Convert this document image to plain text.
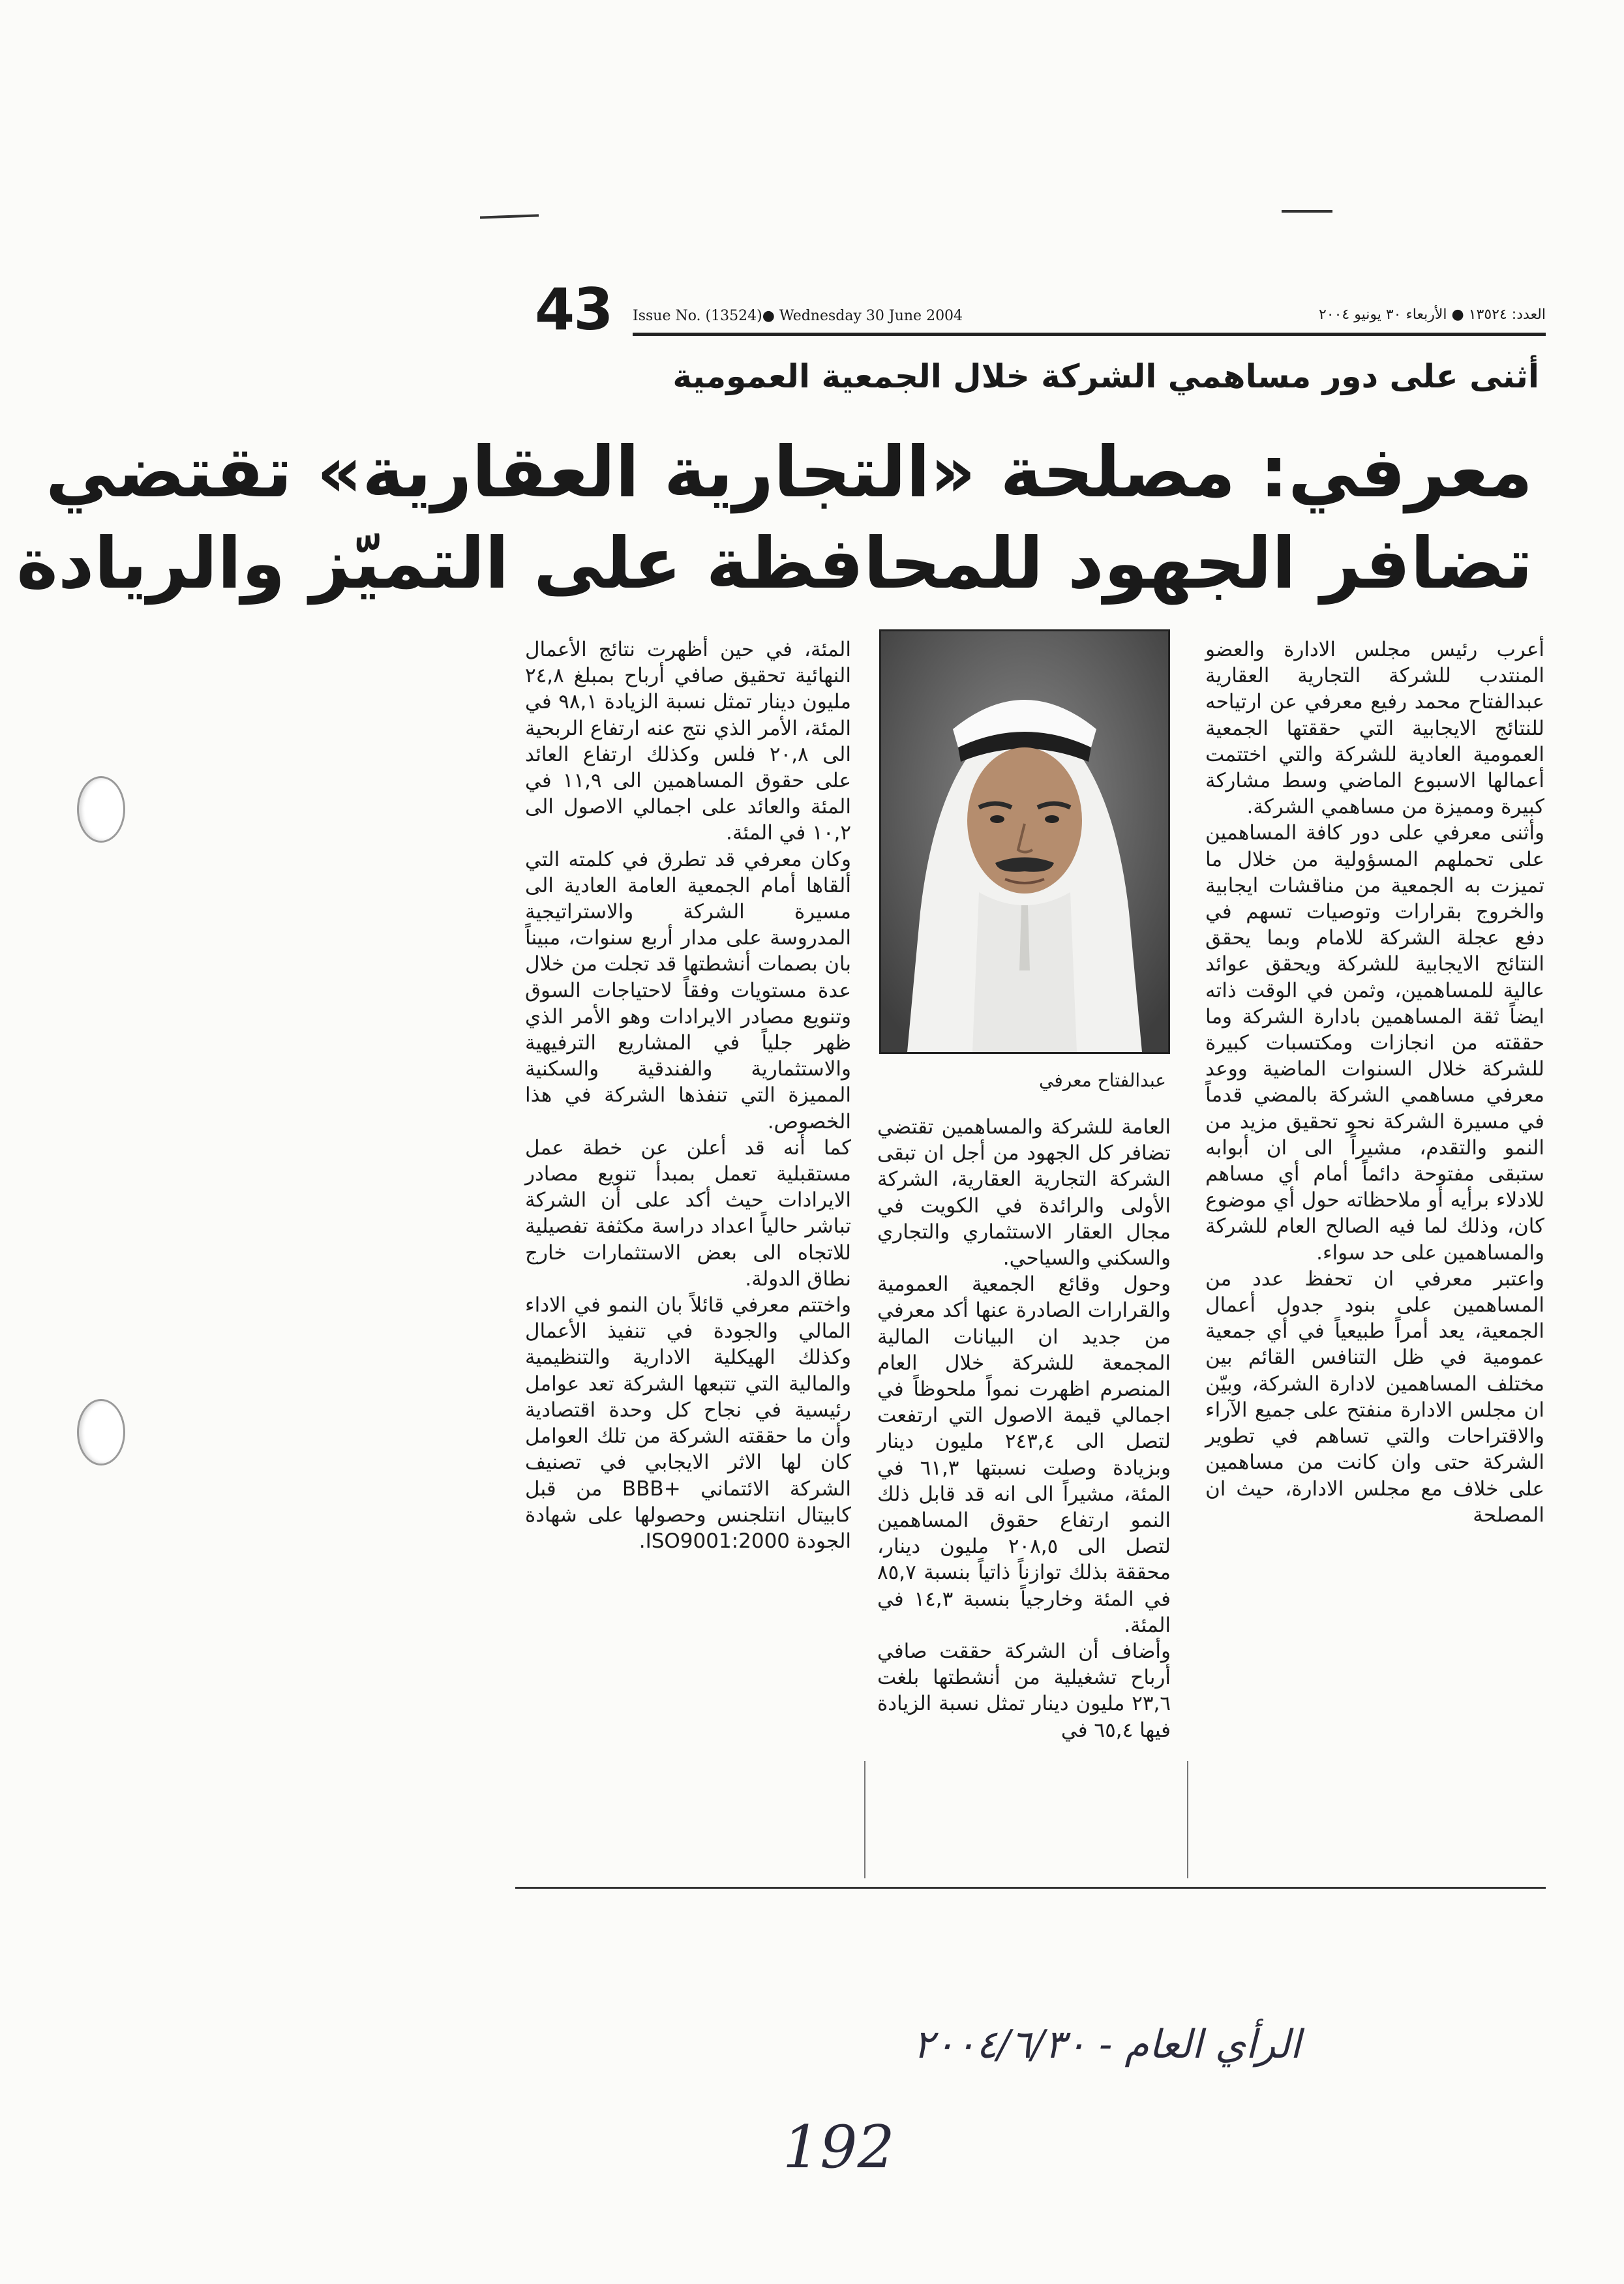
43 Issue No. (13524)● Wednesday 30 June 2004	العدد: ١٣٥٢٤ ● الأربعاء ٣٠ يونيو ٢٠٠٤
أثنى على دور مساهمي الشركة خلال الجمعية العمومية
معرفي: مصلحة «التجارية العقارية» تقتضي
تضافر الجهود للمحافظة على التميّز والريادة

أعرب رئيس مجلس الادارة والعضو المنتدب للشركة التجارية العقارية عبدالفتاح محمد رفيع معرفي عن ارتياحه للنتائج الايجابية التي حققتها الجمعية العمومية العادية للشركة والتي اختتمت أعمالها الاسبوع الماضي وسط مشاركة كبيرة ومميزة من مساهمي الشركة.

وأثنى معرفي على دور كافة المساهمين على تحملهم المسؤولية من خلال ما تميزت به الجمعية من مناقشات ايجابية والخروج بقرارات وتوصيات تسهم في دفع عجلة الشركة للامام وبما يحقق النتائج الايجابية للشركة ويحقق عوائد عالية للمساهمين، وثمن في الوقت ذاته ايضاً ثقة المساهمين بادارة الشركة وما حققته من انجازات ومكتسبات كبيرة للشركة خلال السنوات الماضية ووعد معرفي مساهمي الشركة بالمضي قدماً في مسيرة الشركة نحو تحقيق مزيد من النمو والتقدم، مشيراً الى ان أبوابه ستبقى مفتوحة دائماً أمام أي مساهم للادلاء برأيه أو ملاحظاته حول أي موضوع كان، وذلك لما فيه الصالح العام للشركة والمساهمين على حد سواء.

واعتبر معرفي ان تحفظ عدد من المساهمين على بنود جدول أعمال الجمعية، يعد أمراً طبيعياً في أي جمعية عمومية في ظل التنافس القائم بين مختلف المساهمين لادارة الشركة، وبيّن ان مجلس الادارة منفتح على جميع الآراء والاقتراحات والتي تساهم في تطوير الشركة حتى وان كانت من مساهمين على خلاف مع مجلس الادارة، حيث ان المصلحة

عبدالفتاح معرفي

العامة للشركة والمساهمين تقتضي تضافر كل الجهود من أجل ان تبقى الشركة التجارية العقارية، الشركة الأولى والرائدة في الكويت في مجال العقار الاستثماري والتجاري والسكني والسياحي.

وحول وقائع الجمعية العمومية والقرارات الصادرة عنها أكد معرفي من جديد ان البيانات المالية المجمعة للشركة خلال العام المنصرم اظهرت نمواً ملحوظاً في اجمالي قيمة الاصول التي ارتفعت لتصل الى ٢٤٣,٤ مليون دينار وبزيادة وصلت نسبتها ٦١,٣ في المئة، مشيراً الى انه قد قابل ذلك النمو ارتفاع حقوق المساهمين لتصل الى ٢٠٨,٥ مليون دينار، محققة بذلك توازناً ذاتياً بنسبة ٨٥,٧ في المئة وخارجياً بنسبة ١٤,٣ في المئة.

وأضاف أن الشركة حققت صافي أرباح تشغيلية من أنشطتها بلغت ٢٣,٦ مليون دينار تمثل نسبة الزيادة فيها ٦٥,٤ في

المئة، في حين أظهرت نتائج الأعمال النهائية تحقيق صافي أرباح بمبلغ ٢٤,٨ مليون دينار تمثل نسبة الزيادة ٩٨,١ في المئة، الأمر الذي نتج عنه ارتفاع الربحية الى ٢٠,٨ فلس وكذلك ارتفاع العائد على حقوق المساهمين الى ١١,٩ في المئة والعائد على اجمالي الاصول الى ١٠,٢ في المئة.

وكان معرفي قد تطرق في كلمته التي ألقاها أمام الجمعية العامة العادية الى مسيرة الشركة والاستراتيجية المدروسة على مدار أربع سنوات، مبيناً بان بصمات أنشطتها قد تجلت من خلال عدة مستويات وفقاً لاحتياجات السوق وتنويع مصادر الايرادات وهو الأمر الذي ظهر جلياً في المشاريع الترفيهية والاستثمارية والفندقية والسكنية المميزة التي تنفذها الشركة في هذا الخصوص.

كما أنه قد أعلن عن خطة عمل مستقبلية تعمل بمبدأ تنويع مصادر الايرادات حيث أكد على أن الشركة تباشر حالياً اعداد دراسة مكثفة تفصيلية للاتجاه الى بعض الاستثمارات خارج نطاق الدولة.

واختتم معرفي قائلاً بان النمو في الاداء المالي والجودة في تنفيذ الأعمال وكذلك الهيكلية الادارية والتنظيمية والمالية التي تتبعها الشركة تعد عوامل رئيسية في نجاح كل وحدة اقتصادية وأن ما حققته الشركة من تلك العوامل كان لها الاثر الايجابي في تصنيف الشركة الائتماني +BBB من قبل كابيتال انتلجنس وحصولها على شهادة الجودة ISO9001:2000.

الرأي العام - ٢٠٠٤/٦/٣٠
192
